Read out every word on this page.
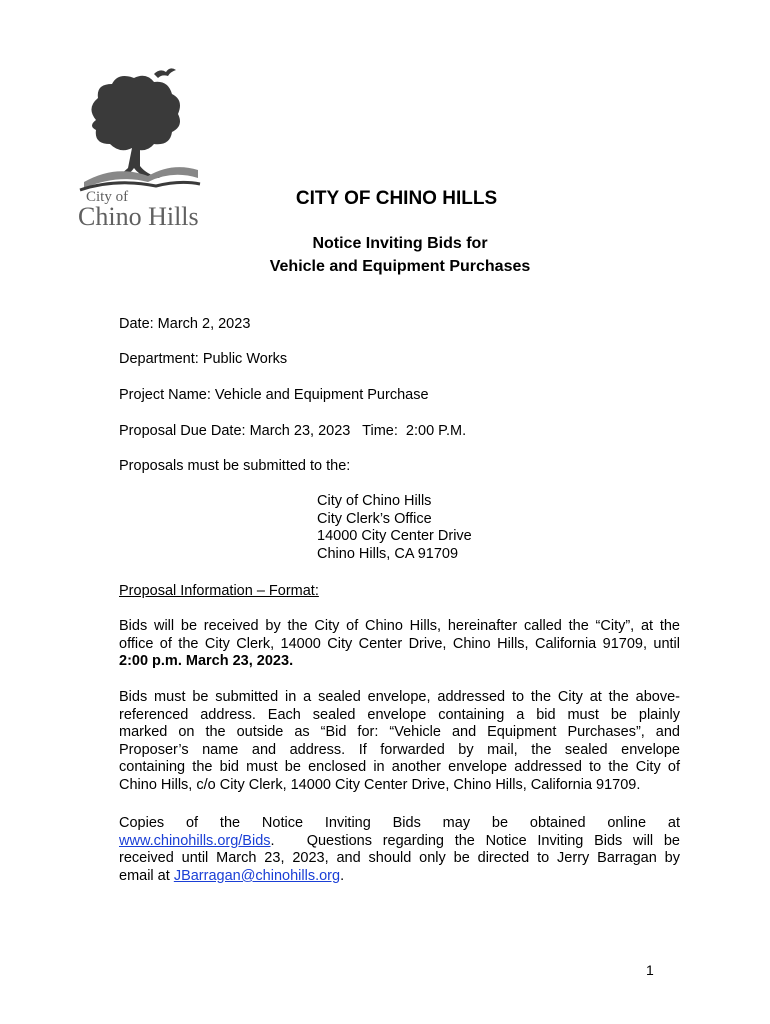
City of
Chino Hills
CITY OF CHINO HILLS
Notice Inviting Bids for
Vehicle and Equipment Purchases
Date: March 2, 2023
Department: Public Works
Project Name: Vehicle and Equipment Purchase
Proposal Due Date: March 23, 2023   Time:  2:00 P.M.
Proposals must be submitted to the:
City of Chino Hills
City Clerk’s Office
14000 City Center Drive
Chino Hills, CA 91709
Proposal Information – Format:
Bids will be received by the City of Chino Hills, hereinafter called the “City”, at the
office of the City Clerk, 14000 City Center Drive, Chino Hills, California 91709, until
2:00 p.m. March 23, 2023.
Bids must be submitted in a sealed envelope, addressed to the City at the above-
referenced address. Each sealed envelope containing a bid must be plainly
marked on the outside as “Bid for: “Vehicle and Equipment Purchases”, and
Proposer’s name and address. If forwarded by mail, the sealed envelope
containing the bid must be enclosed in another envelope addressed to the City of
Chino Hills, c/o City Clerk, 14000 City Center Drive, Chino Hills, California 91709.
Copies of the Notice Inviting Bids may be obtained online at
www.chinohills.org/Bids.   Questions regarding the Notice Inviting Bids will be
received until March 23, 2023, and should only be directed to Jerry Barragan by
email at JBarragan@chinohills.org.
1
